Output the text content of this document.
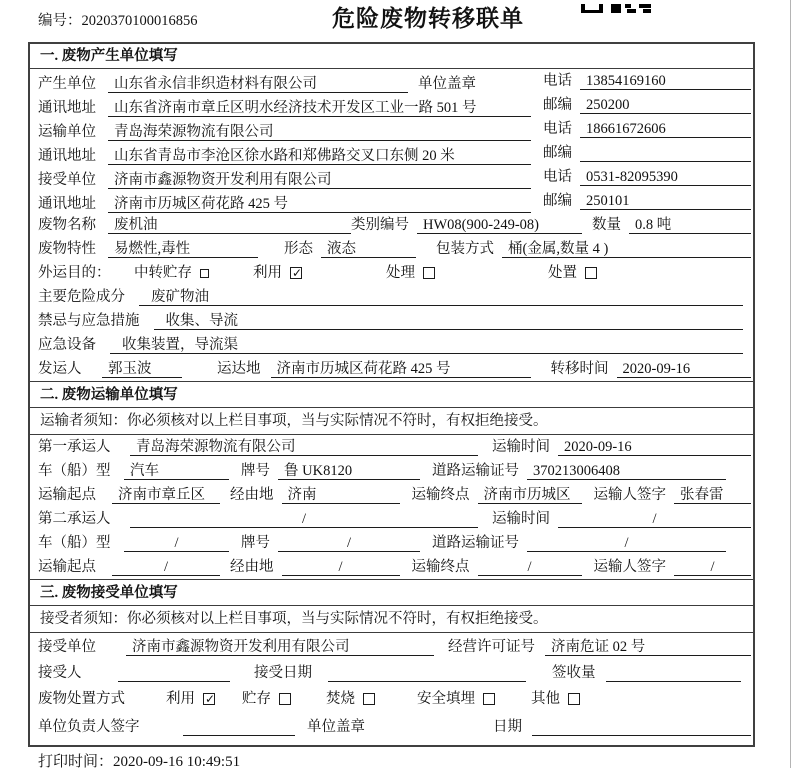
编号：2020370100016856	危险废物转移联单
一. 废物产生单位填写
产生单位	山东省永信非织造材料有限公司	单位盖章	电话 13854169160
通讯地址	山东省济南市章丘区明水经济技术开发区工业一路 501 号	邮编 250200
运输单位	青岛海荣源物流有限公司	电话 18661672606
通讯地址	山东省青岛市李沧区徐水路和郑佛路交叉口东侧 20 米	邮编
接受单位	济南市鑫源物资开发利用有限公司	电话 0531-82095390
通讯地址	济南市历城区荷花路 425 号	邮编 250101
废物名称	废机油	类别编号 HW08(900-249-08)	数量 0.8 吨
废物特性	易燃性,毒性	形态 液态	包装方式 桶(金属,数量 4 )
外运目的：	中转贮存	利用 ✓	处理	处置
主要危险成分	废矿物油
禁忌与应急措施	收集、导流
应急设备	收集装置，导流渠
发运人	郭玉波	运达地	济南市历城区荷花路 425 号	转移时间 2020-09-16
二. 废物运输单位填写
运输者须知：你必须核对以上栏目事项，当与实际情况不符时，有权拒绝接受。
第一承运人	青岛海荣源物流有限公司	运输时间 2020-09-16
车（船）型	汽车	牌号 鲁 UK8120	道路运输证号 370213006408
运输起点	济南市章丘区	经由地 济南	运输终点 济南市历城区	运输人签字 张春雷
第二承运人	/	运输时间	/
车（船）型	/	牌号	/	道路运输证号	/
运输起点	/	经由地	/	运输终点	/	运输人签字	/
三. 废物接受单位填写
接受者须知：你必须核对以上栏目事项，当与实际情况不符时，有权拒绝接受。
接受单位	济南市鑫源物资开发利用有限公司	经营许可证号	济南危证 02 号
接受人	接受日期	签收量
废物处置方式	利用 ✓	贮存	焚烧	安全填埋	其他
单位负责人签字	单位盖章	日期
打印时间：2020-09-16 10:49:51
